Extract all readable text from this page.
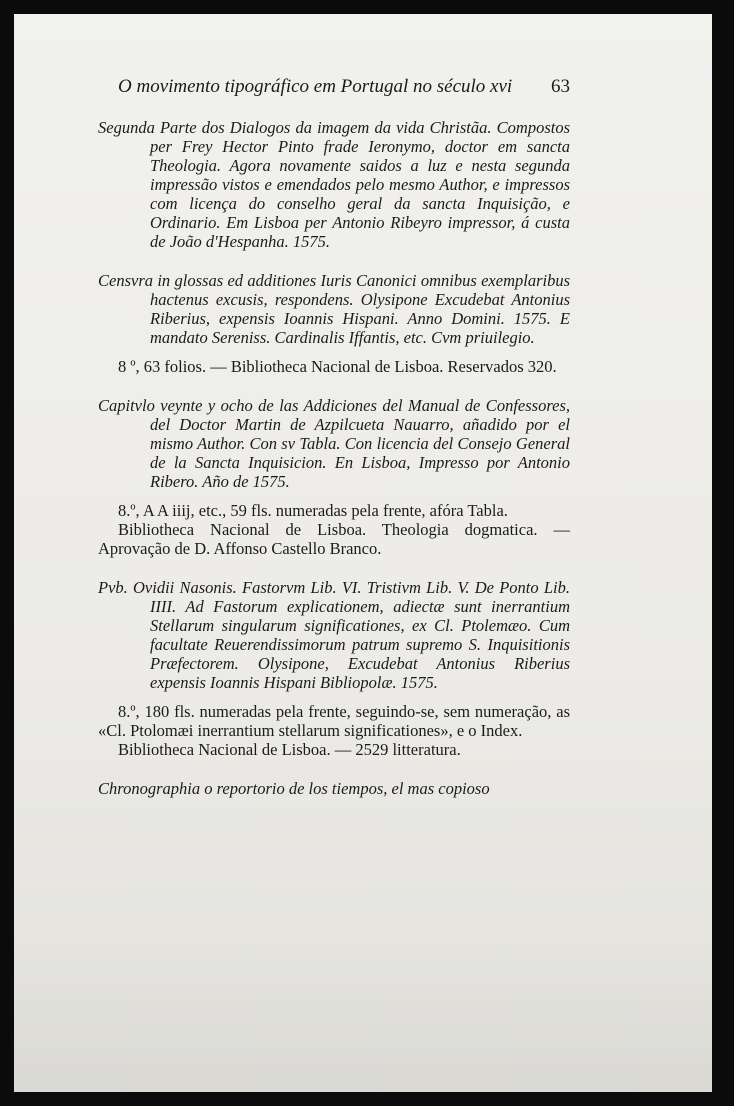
O movimento tipográfico em Portugal no século xvi 63

Segunda Parte dos Dialogos da imagem da vida Christãa. Compostos per Frey Hector Pinto frade Ieronymo, doctor em sancta Theologia. Agora novamente saidos a luz e nesta segunda impressão vistos e emendados pelo mesmo Author, e impressos com licença do conselho geral da sancta Inquisição, e Ordinario. Em Lisboa per Antonio Ribeyro impressor, á custa de João d'Hespanha. 1575.

Censvra in glossas ed additiones Iuris Canonici omnibus exemplaribus hactenus excusis, respondens. Olysipone Excudebat Antonius Riberius, expensis Ioannis Hispani. Anno Domini. 1575. E mandato Sereniss. Cardinalis Iffantis, etc. Cvm priuilegio.

8 º, 63 folios. — Bibliotheca Nacional de Lisboa. Reservados 320.

Capitvlo veynte y ocho de las Addiciones del Manual de Confessores, del Doctor Martin de Azpilcueta Nauarro, añadido por el mismo Author. Con sv Tabla. Con licencia del Consejo General de la Sancta Inquisicion. En Lisboa, Impresso por Antonio Ribero. Año de 1575.

8.º, A A iiij, etc., 59 fls. numeradas pela frente, afóra Tabla.

Bibliotheca Nacional de Lisboa. Theologia dogmatica. — Aprovação de D. Affonso Castello Branco.

Pvb. Ovidii Nasonis. Fastorvm Lib. VI. Tristivm Lib. V. De Ponto Lib. IIII. Ad Fastorum explicationem, adiectæ sunt inerrantium Stellarum singularum significationes, ex Cl. Ptolemæo. Cum facultate Reuerendissimorum patrum supremo S. Inquisitionis Præfectorem. Olysipone, Excudebat Antonius Riberius expensis Ioannis Hispani Bibliopolæ. 1575.

8.º, 180 fls. numeradas pela frente, seguindo-se, sem numeração, as «Cl. Ptolomæi inerrantium stellarum significationes», e o Index.

Bibliotheca Nacional de Lisboa. — 2529 litteratura.

Chronographia o reportorio de los tiempos, el mas copioso
